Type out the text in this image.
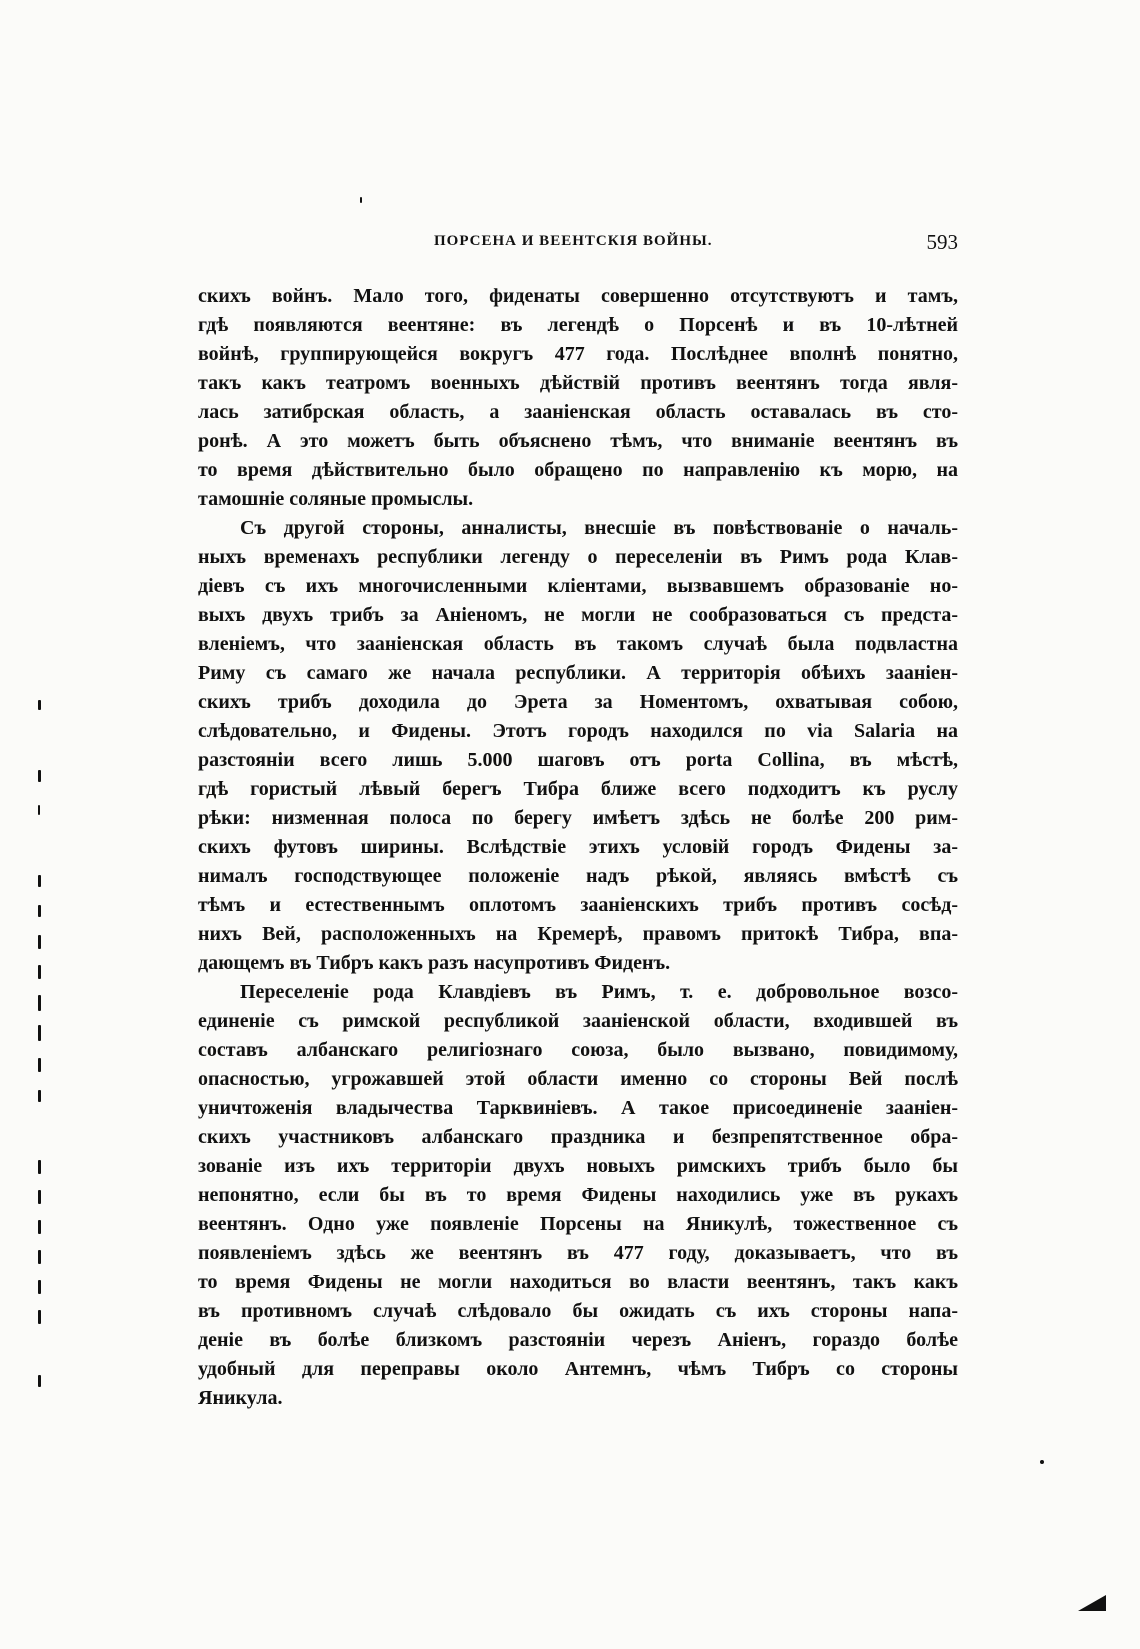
ПОРСЕНА И ВЕЕНТСКІЯ ВОЙНЫ.	593
скихъ войнъ. Мало того, фиденаты совершенно отсутствуютъ и тамъ,
гдѣ появляются веентяне: въ легендѣ о Порсенѣ и въ 10-лѣтней
войнѣ, группирующейся вокругъ 477 года. Послѣднее вполнѣ понятно,
такъ какъ театромъ военныхъ дѣйствій противъ веентянъ тогда явля-
лась затибрская область, а зааніенская область оставалась въ сто-
ронѣ. А это можетъ быть объяснено тѣмъ, что вниманіе веентянъ въ
то время дѣйствительно было обращено по направленію къ морю, на
тамошніе соляные промыслы.
Съ другой стороны, анналисты, внесшіе въ повѣствованіе о началь-
ныхъ временахъ республики легенду о переселеніи въ Римъ рода Клав-
діевъ съ ихъ многочисленными кліентами, вызвавшемъ образованіе но-
выхъ двухъ трибъ за Аніеномъ, не могли не сообразоваться съ предста-
вленіемъ, что зааніенская область въ такомъ случаѣ была подвластна
Риму съ самаго же начала республики. А территорія обѣихъ зааніен-
скихъ трибъ доходила до Эрета за Номентомъ, охватывая собою,
слѣдовательно, и Фидены. Этотъ городъ находился по via Salaria на
разстояніи всего лишь 5.000 шаговъ отъ porta Collina, въ мѣстѣ,
гдѣ гористый лѣвый берегъ Тибра ближе всего подходитъ къ руслу
рѣки: низменная полоса по берегу имѣетъ здѣсь не болѣе 200 рим-
скихъ футовъ ширины. Вслѣдствіе этихъ условій городъ Фидены за-
нималъ господствующее положеніе надъ рѣкой, являясь вмѣстѣ съ
тѣмъ и естественнымъ оплотомъ зааніенскихъ трибъ противъ сосѣд-
нихъ Вей, расположенныхъ на Кремерѣ, правомъ притокѣ Тибра, впа-
дающемъ въ Тибръ какъ разъ насупротивъ Фиденъ.
Переселеніе рода Клавдіевъ въ Римъ, т. е. добровольное возсо-
единеніе съ римской республикой зааніенской области, входившей въ
составъ албанскаго религіознаго союза, было вызвано, повидимому,
опасностью, угрожавшей этой области именно со стороны Вей послѣ
уничтоженія владычества Тарквиніевъ. А такое присоединеніе зааніен-
скихъ участниковъ албанскаго праздника и безпрепятственное обра-
зованіе изъ ихъ территоріи двухъ новыхъ римскихъ трибъ было бы
непонятно, если бы въ то время Фидены находились уже въ рукахъ
веентянъ. Одно уже появленіе Порсены на Яникулѣ, тожественное съ
появленіемъ здѣсь же веентянъ въ 477 году, доказываетъ, что въ
то время Фидены не могли находиться во власти веентянъ, такъ какъ
въ противномъ случаѣ слѣдовало бы ожидать съ ихъ стороны напа-
деніе въ болѣе близкомъ разстояніи черезъ Аніенъ, гораздо болѣе
удобный для переправы около Антемнъ, чѣмъ Тибръ со стороны
Яникула.
